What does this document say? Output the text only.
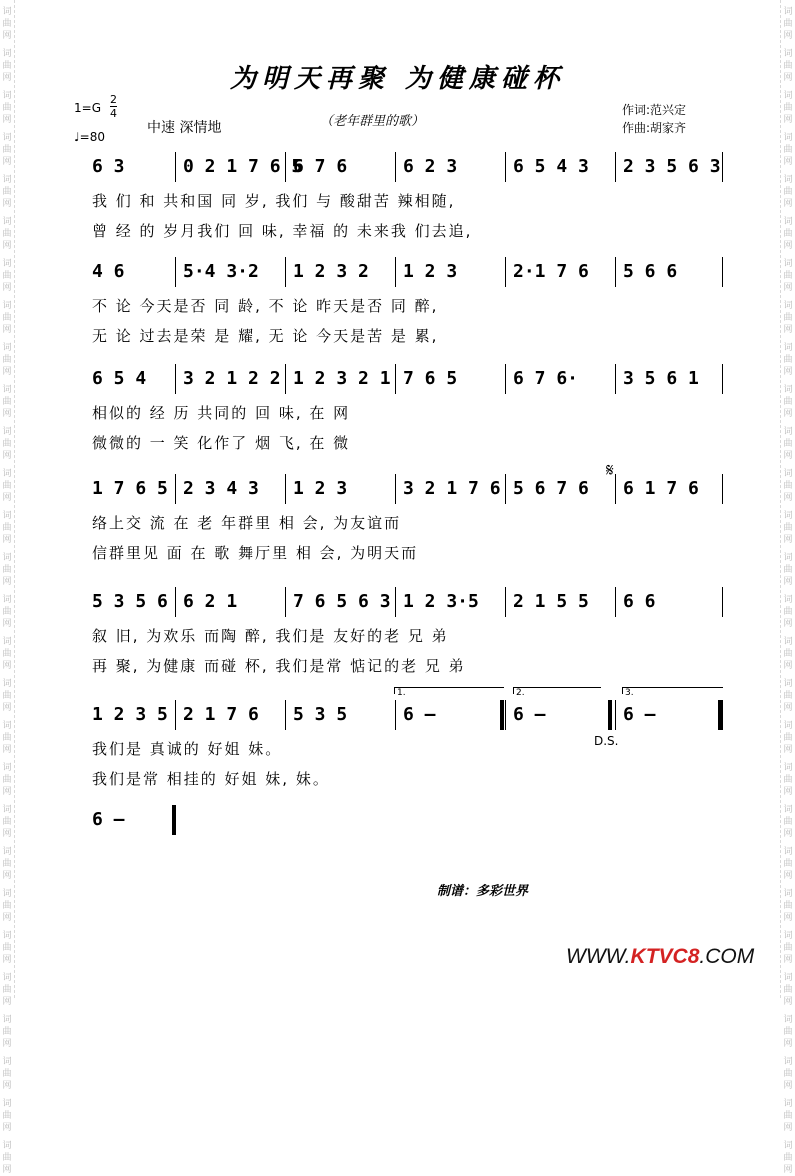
词曲网
词曲网
词曲网
词曲网
词曲网
词曲网
词曲网
词曲网
词曲网
词曲网
词曲网
词曲网
词曲网
词曲网
词曲网
词曲网
词曲网
词曲网
词曲网
词曲网
词曲网
词曲网
词曲网
词曲网
词曲网
词曲网
词曲网
词曲网
词曲网
词曲网
词曲网
词曲网
词曲网
词曲网
词曲网
词曲网
词曲网
词曲网
词曲网
词曲网
词曲网
词曲网
词曲网
词曲网
词曲网
词曲网
词曲网
词曲网
词曲网
词曲网
词曲网
词曲网
词曲网
词曲网
词曲网
词曲网
为明天再聚 为健康碰杯
1=G
2
4
♩=80
中速 深情地	（老年群里的歌）
作词:范兴定
作曲:胡家齐
6 3	0 2 1 7 6 5
6 7 6	6 2 3	6 5 4 3 2 3 5 6 3
我 们 和 共和国 同 岁, 我们 与 酸甜苦 辣相随,
曾 经 的 岁月我们 回 味, 幸福 的 未来我 们去追,
4 6	5·4 3·2 1 2 3 2 1 2 3	2·1 7 6 5 6 6
不 论 今天是否 同 龄, 不 论 昨天是否 同 醉,
无 论 过去是荣 是 耀, 无 论 今天是苦 是 累,
6 5 4 3 2 1 2 2 1 2 3 2 1 7 6 5	6 7 6· 3 5 6 1
相似的 经 历 共同的 回 味, 在 网
微微的 一 笑 化作了 烟 飞, 在 微
1 7 6 5 2 3 4 3 1 2 3	3 2 1 7 6 5 6 7 6 6 1 7 6
络上交 流 在 老 年群里 相 会, 为友谊而
信群里见 面 在 歌 舞厅里 相 会, 为明天而
5 3 5 6 6 2 1	7 6 5 6 3 1 2 3·5 2 1 5 5 6 6
叙 旧, 为欢乐 而陶 醉, 我们是 友好的老 兄 弟
再 聚, 为健康 而碰 杯, 我们是常 惦记的老 兄 弟
1 2 3 5 2 1 7 6 5 3 5	6 –	6 –	6 –
我们是 真诚的 好姐 妹。
我们是常 相挂的 好姐 妹, 妹。
6 –
𝄋
1.	2.	3.
D.S.
制谱：多彩世界
WWW.KTVC8.COM
